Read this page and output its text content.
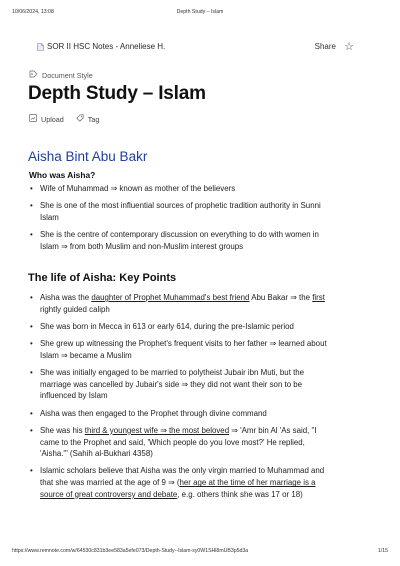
10/06/2024, 13:08	Depth Study – Islam
SOR II HSC Notes - Anneliese H.	Share ☆
Document Style
Depth Study – Islam
Upload	Tag
Aisha Bint Abu Bakr
Who was Aisha?
• Wife of Muhammad ⇒ known as mother of the believers
• She is one of the most influential sources of prophetic tradition authority in Sunni Islam
• She is the centre of contemporary discussion on everything to do with women in Islam ⇒ from both Muslim and non-Muslim interest groups
The life of Aisha: Key Points
• Aisha was the daughter of Prophet Muhammad's best friend Abu Bakar ⇒ the first rightly guided caliph
• She was born in Mecca in 613 or early 614, during the pre-Islamic period
• She grew up witnessing the Prophet's frequent visits to her father ⇒ learned about Islam ⇒ became a Muslim
• She was initially engaged to be married to polytheist Jubair ibn Muti, but the marriage was cancelled by Jubair's side ⇒ they did not want their son to be influenced by Islam
• Aisha was then engaged to the Prophet through divine command
• She was his third & youngest wife ⇒ the most beloved ⇒ 'Amr bin Al 'As said, "I came to the Prophet and said, 'Which people do you love most?' He replied, 'Aisha.'" (Sahih al-Bukhari 4358)
• Islamic scholars believe that Aisha was the only virgin married to Muhammad and that she was married at the age of 9 ⇒ (her age at the time of her marriage is a source of great controversy and debate, e.g. others think she was 17 or 18)
https://www.remnote.com/w/64530c831b3ee583a5efe073/Depth-Study--Islam-sy0W1SHl8mUB3p5d3a	1/15
